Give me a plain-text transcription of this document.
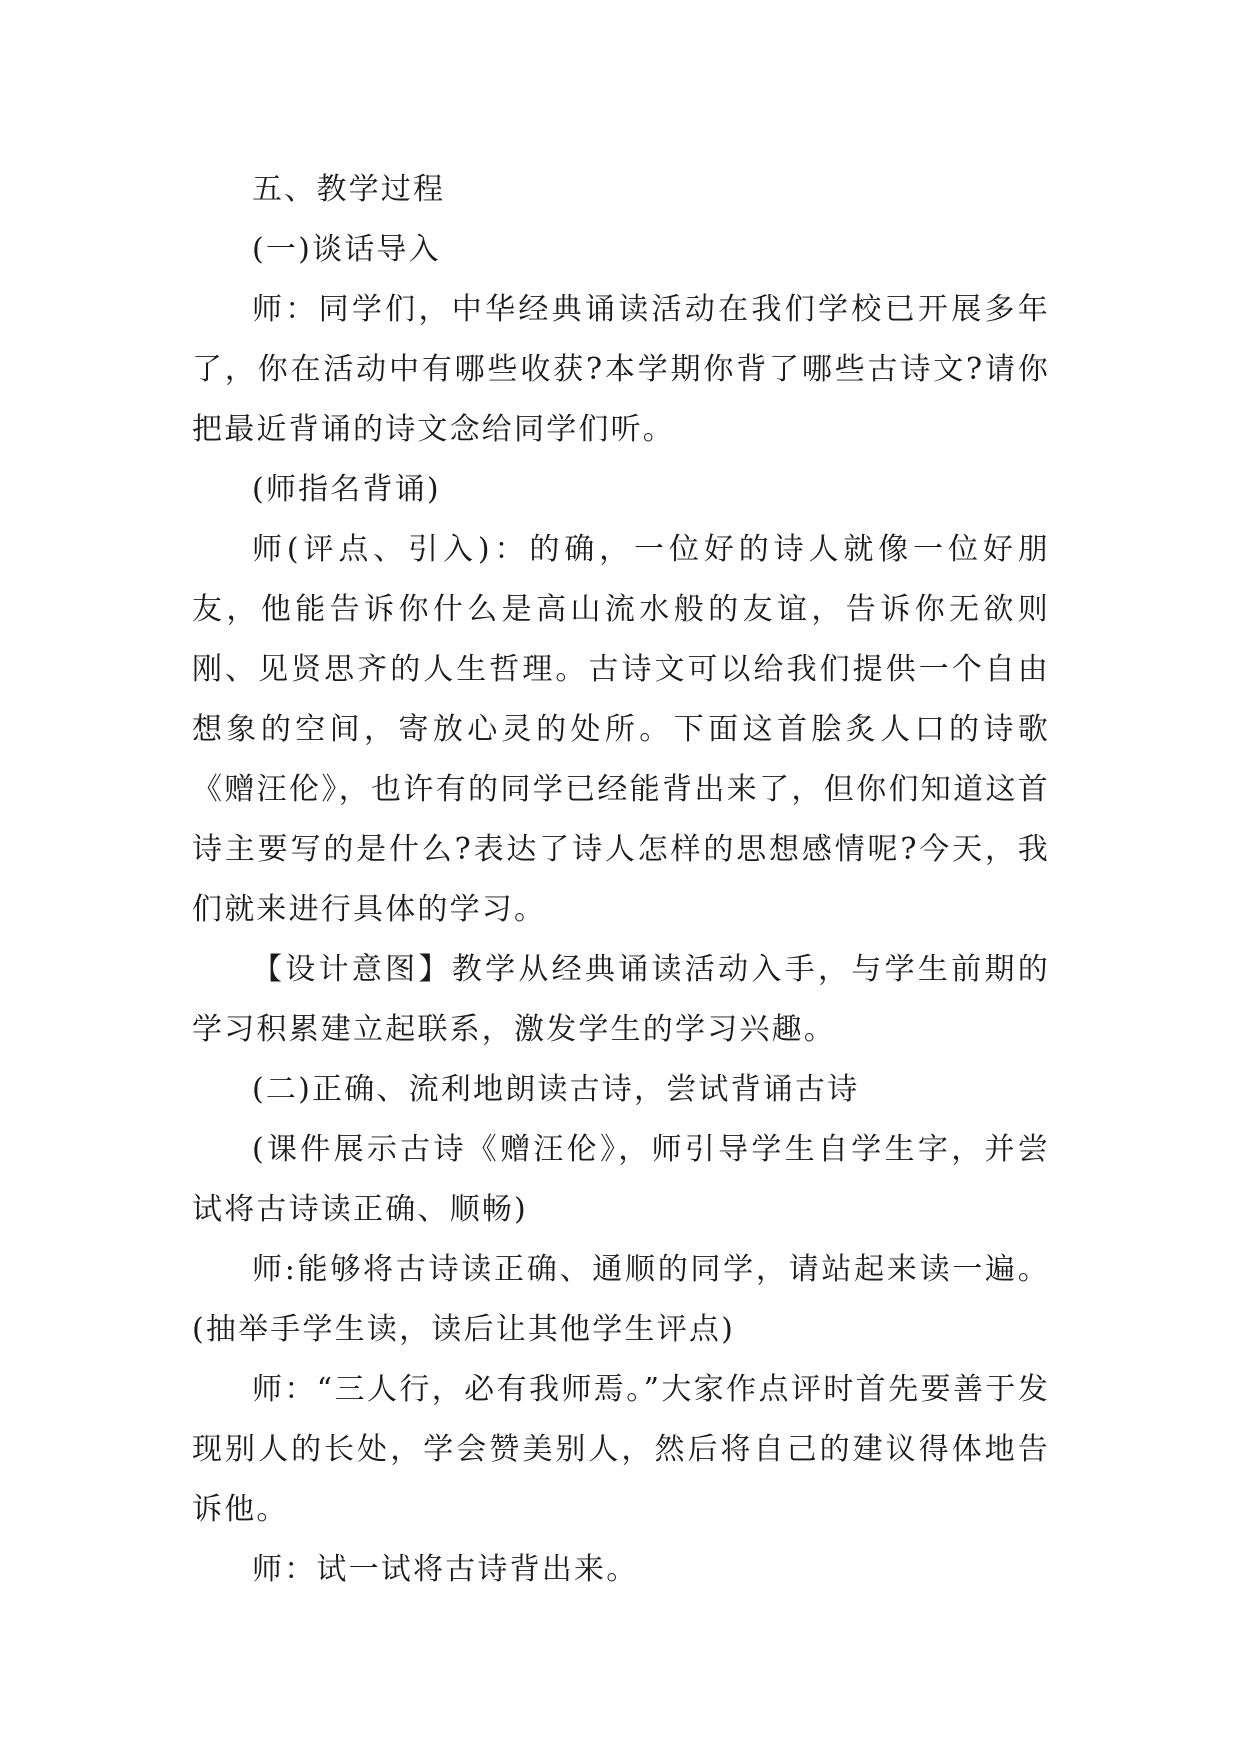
五、教学过程

(一)谈话导入

师：同学们，中华经典诵读活动在我们学校已开展多年了，你在活动中有哪些收获?本学期你背了哪些古诗文?请你把最近背诵的诗文念给同学们听。

(师指名背诵)

师(评点、引入)：的确，一位好的诗人就像一位好朋友，他能告诉你什么是高山流水般的友谊，告诉你无欲则刚、见贤思齐的人生哲理。古诗文可以给我们提供一个自由想象的空间，寄放心灵的处所。下面这首脍炙人口的诗歌《赠汪伦》，也许有的同学已经能背出来了，但你们知道这首诗主要写的是什么?表达了诗人怎样的思想感情呢?今天，我们就来进行具体的学习。

【设计意图】教学从经典诵读活动入手，与学生前期的学习积累建立起联系，激发学生的学习兴趣。

(二)正确、流利地朗读古诗，尝试背诵古诗

(课件展示古诗《赠汪伦》，师引导学生自学生字，并尝试将古诗读正确、顺畅)

师:能够将古诗读正确、通顺的同学，请站起来读一遍。(抽举手学生读，读后让其他学生评点)

师：“三人行，必有我师焉。”大家作点评时首先要善于发现别人的长处，学会赞美别人，然后将自己的建议得体地告诉他。

师：试一试将古诗背出来。
